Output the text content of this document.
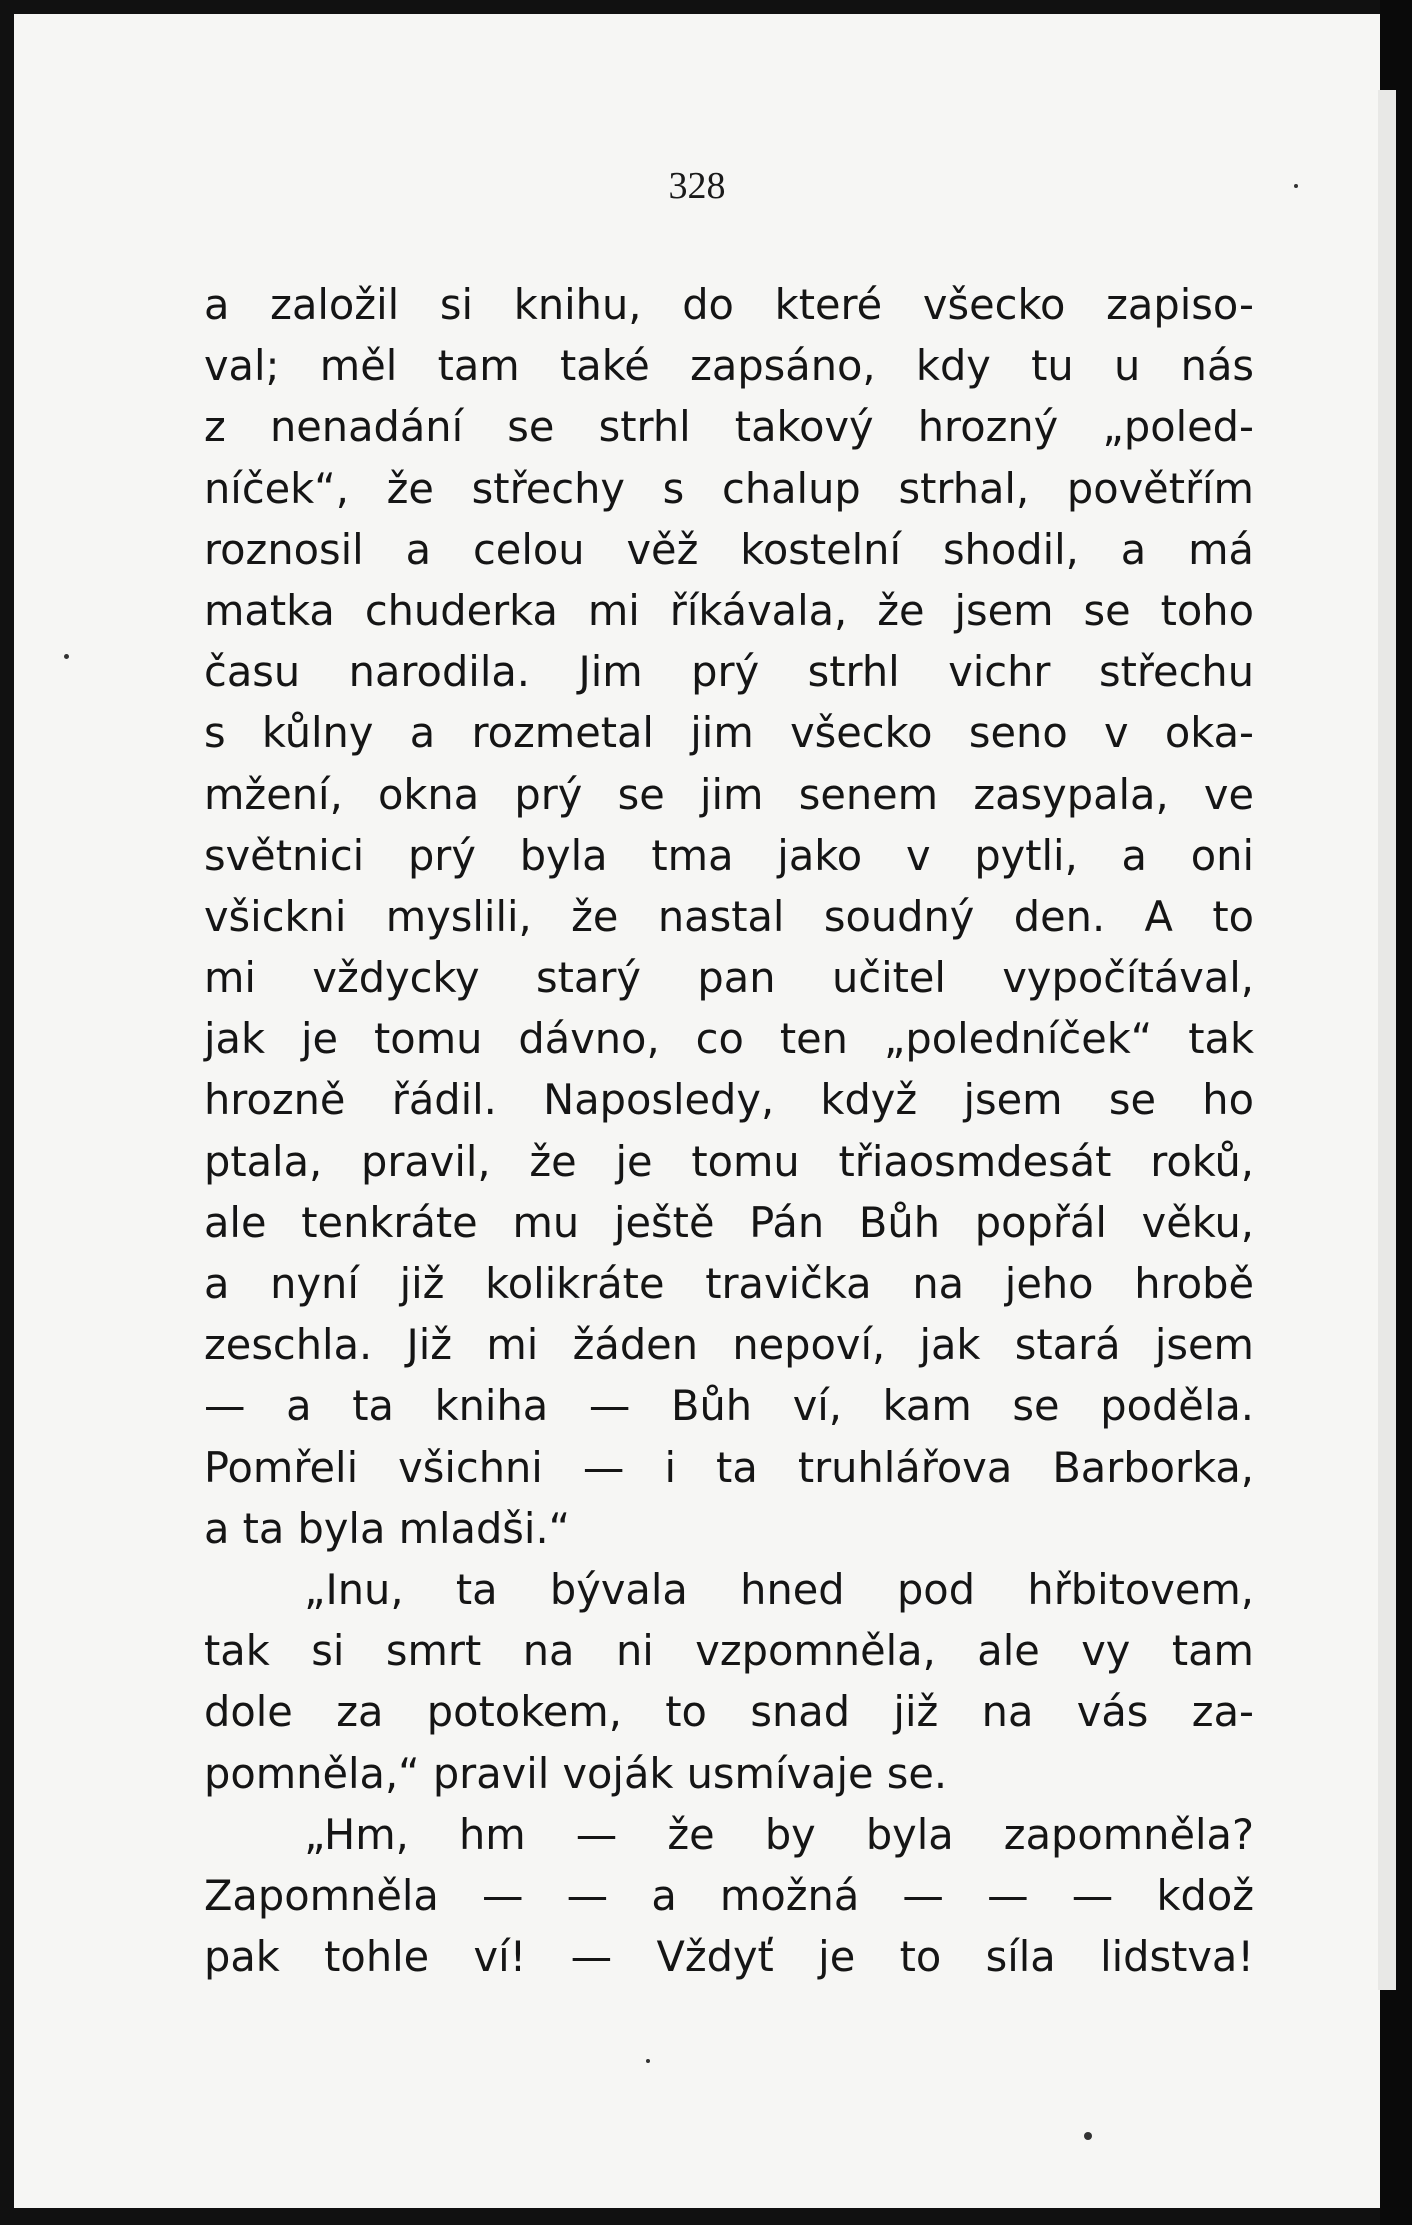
328
a založil si knihu, do které všecko zapiso-
val; měl tam také zapsáno, kdy tu u nás
z nenadání se strhl takový hrozný „poled-
níček“, že střechy s chalup strhal, povětřím
roznosil a celou věž kostelní shodil, a má
matka chuderka mi říkávala, že jsem se toho
času narodila. Jim prý strhl vichr střechu
s kůlny a rozmetal jim všecko seno v oka-
mžení, okna prý se jim senem zasypala, ve
světnici prý byla tma jako v pytli, a oni
všickni myslili, že nastal soudný den. A to
mi vždycky starý pan učitel vypočítával,
jak je tomu dávno, co ten „poledníček“ tak
hrozně řádil. Naposledy, když jsem se ho
ptala, pravil, že je tomu třiaosmdesát roků,
ale tenkráte mu ještě Pán Bůh popřál věku,
a nyní již kolikráte travička na jeho hrobě
zeschla. Již mi žáden nepoví, jak stará jsem
— a ta kniha — Bůh ví, kam se poděla.
Pomřeli všichni — i ta truhlářova Barborka,
a ta byla mladši.“
„Inu, ta bývala hned pod hřbitovem,
tak si smrt na ni vzpomněla, ale vy tam
dole za potokem, to snad již na vás za-
pomněla,“ pravil voják usmívaje se.
„Hm, hm — že by byla zapomněla?
Zapomněla — — a možná — — — kdož
pak tohle ví! — Vždyť je to síla lidstva!
